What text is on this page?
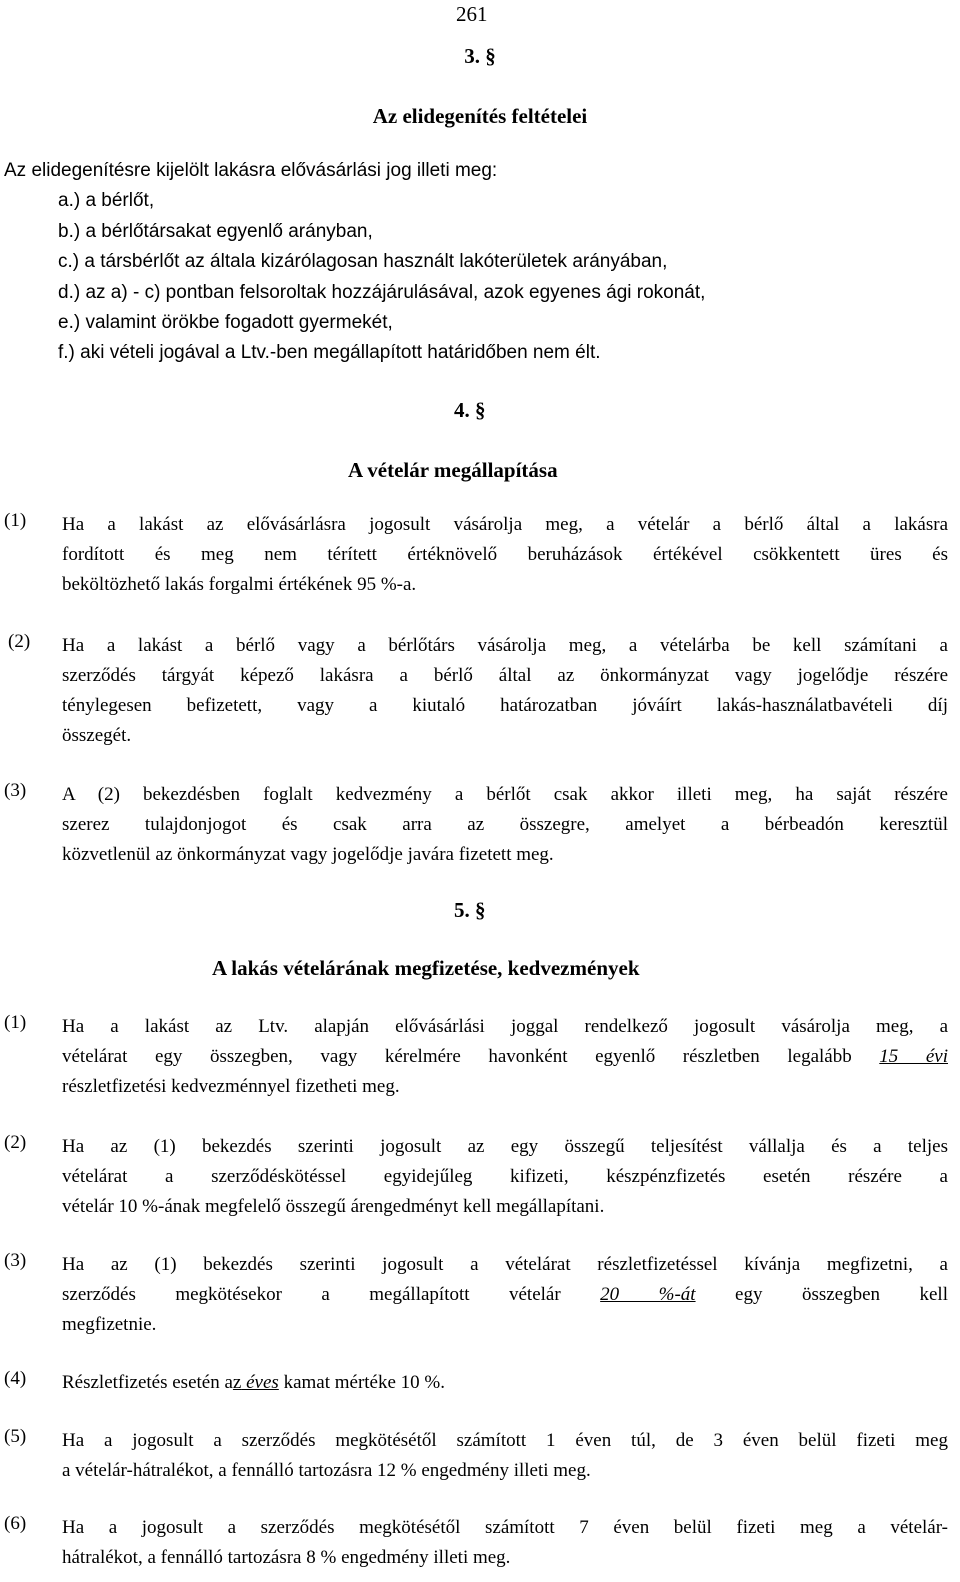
261
3. §
Az elidegenítés feltételei
Az elidegenítésre kijelölt lakásra elővásárlási jog illeti meg:
a.) a bérlőt,
b.) a bérlőtársakat egyenlő arányban,
c.) a társbérlőt az általa kizárólagosan használt lakóterületek arányában,
d.) az a) - c) pontban felsoroltak hozzájárulásával, azok egyenes ági rokonát,
e.) valamint örökbe fogadott gyermekét,
f.) aki vételi jogával a Ltv.-ben megállapított határidőben nem élt.
4. §
A vételár megállapítása
(1) Ha a lakást az elővásárlásra jogosult vásárolja meg, a vételár a bérlő által a lakásra
fordított és meg nem térített értéknövelő beruházások értékével csökkentett üres és
beköltözhető lakás forgalmi értékének 95 %-a.
(2) Ha a lakást a bérlő vagy a bérlőtárs vásárolja meg, a vételárba be kell számítani a
szerződés tárgyát képező lakásra a bérlő által az önkormányzat vagy jogelődje részére
ténylegesen befizetett, vagy a kiutaló határozatban jóváírt lakás-használatbavételi díj
összegét.
(3) A (2) bekezdésben foglalt kedvezmény a bérlőt csak akkor illeti meg, ha saját részére
szerez tulajdonjogot és csak arra az összegre, amelyet a bérbeadón keresztül
közvetlenül az önkormányzat vagy jogelődje javára fizetett meg.
5. §
A lakás vételárának megfizetése, kedvezmények
(1) Ha a lakást az Ltv. alapján elővásárlási joggal rendelkező jogosult vásárolja meg, a
vételárat egy összegben, vagy kérelmére havonként egyenlő részletben legalább 15 évi
részletfizetési kedvezménnyel fizetheti meg.
(2) Ha az (1) bekezdés szerinti jogosult az egy összegű teljesítést vállalja és a teljes
vételárat a szerződéskötéssel egyidejűleg kifizeti, készpénzfizetés esetén részére a
vételár 10 %-ának megfelelő összegű árengedményt kell megállapítani.
(3) Ha az (1) bekezdés szerinti jogosult a vételárat részletfizetéssel kívánja megfizetni, a
szerződés megkötésekor a megállapított vételár 20 %-át egy összegben kell
megfizetnie.
(4) Részletfizetés esetén az éves kamat mértéke 10 %.
(5) Ha a jogosult a szerződés megkötésétől számított 1 éven túl, de 3 éven belül fizeti meg
a vételár-hátralékot, a fennálló tartozásra 12 % engedmény illeti meg.
(6) Ha a jogosult a szerződés megkötésétől számított 7 éven belül fizeti meg a vételár-
hátralékot, a fennálló tartozásra 8 % engedmény illeti meg.
